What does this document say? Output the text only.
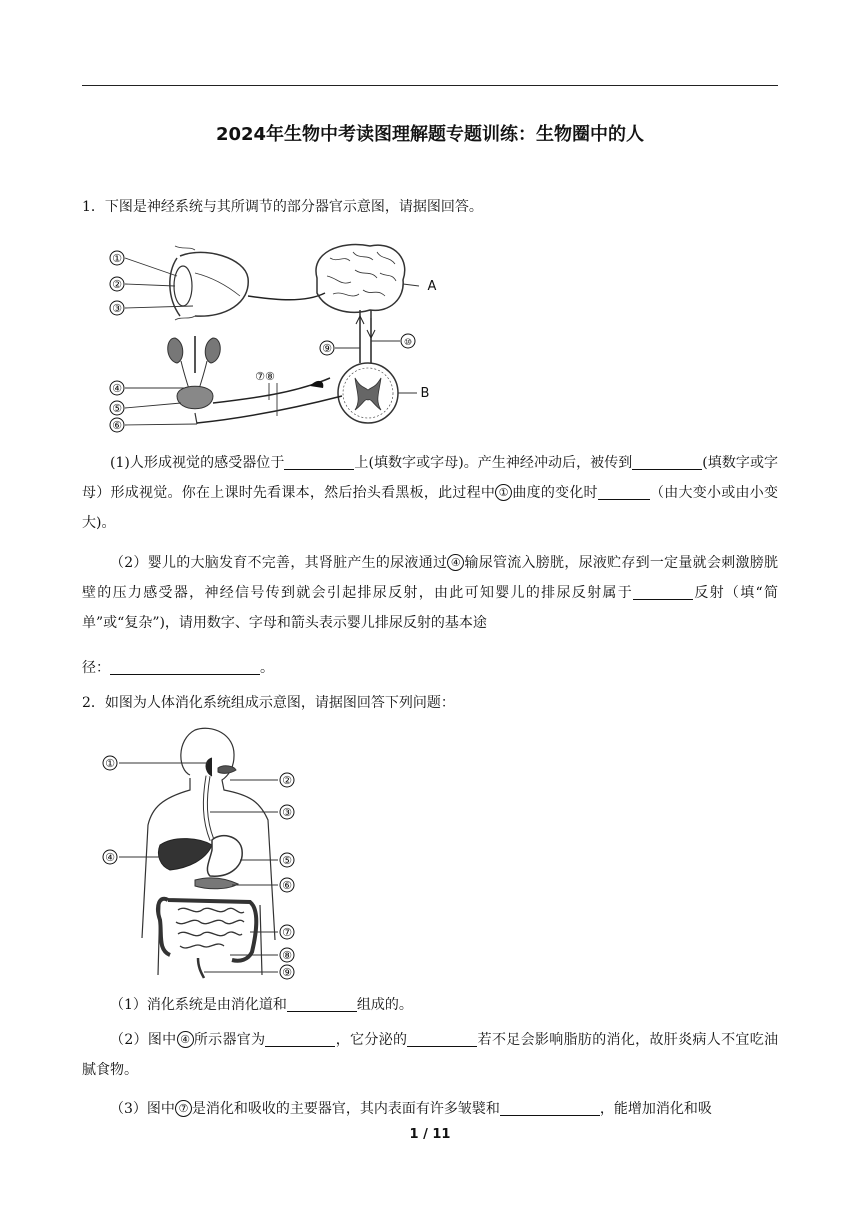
2024年生物中考读图理解题专题训练：生物圈中的人
1．下图是神经系统与其所调节的部分器官示意图，请据图回答。
①
②
③
④
⑤
⑥
⑦⑧
⑨	⑩
A
B
(1)人形成视觉的感受器位于	上(填数字或字母)。产生神经冲动后，被传到	(填数字或字母）形成视觉。你在上课时先看课本，然后抬头看黑板，此过程中 ① 曲度的变化时	（由大变小或由小变大)。
（2）婴儿的大脑发育不完善，其肾脏产生的尿液通过 ④ 输尿管流入膀胱，尿液贮存到一定量就会刺激膀胱壁的压力感受器，神经信号传到就会引起排尿反射，由此可知婴儿的排尿反射属于	反射（填“简单”或“复杂”)，请用数字、字母和箭头表示婴儿排尿反射的基本途
径：	。
2．如图为人体消化系统组成示意图，请据图回答下列问题：
①
②
③
④	⑤
⑥
⑦
⑧
⑨
（1）消化系统是由消化道和	组成的。
（2）图中 ④ 所示器官为	，它分泌的	若不足会影响脂肪的消化，故肝炎病人不宜吃油腻食物。
（3）图中 ⑦ 是消化和吸收的主要器官，其内表面有许多皱襞和	，能增加消化和吸
1 / 11
